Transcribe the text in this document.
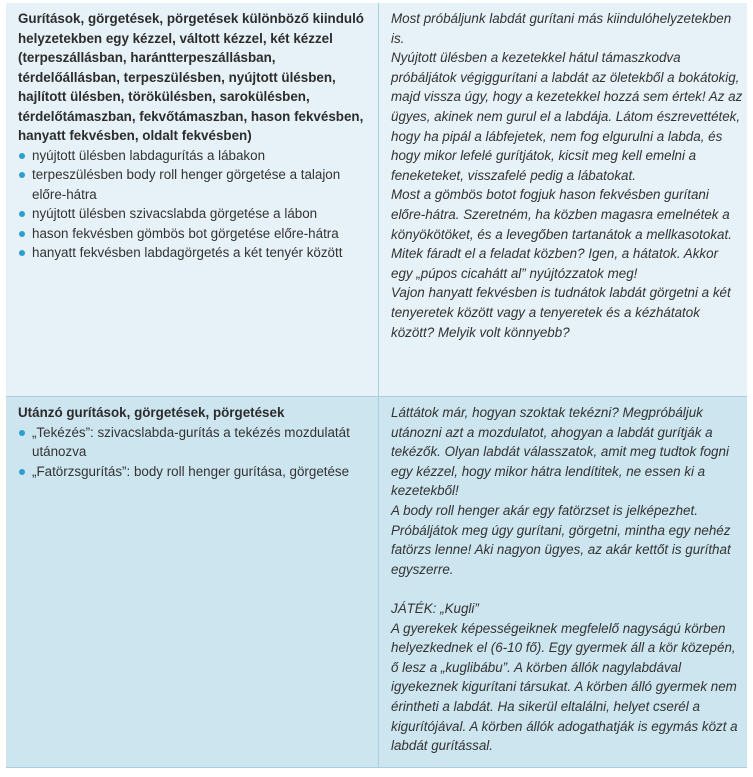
Gurítások, görgetések, pörgetések különböző kiinduló helyzetekben egy kézzel, váltott kézzel, két kézzel (terpeszállásban, harántterpeszállásban, térdelőállásban, terpeszülésben, nyújtott ülésben, hajlított ülésben, törökülésben, sarokülésben, térdelőtámaszban, fekvőtámaszban, hason fekvésben, hanyatt fekvésben, oldalt fekvésben)

nyújtott ülésben labdagurítás a lábakon
terpeszülésben body roll henger görgetése a talajon előre-hátra
nyújtott ülésben szivacslabda görgetése a lábon
hason fekvésben gömbös bot görgetése előre-hátra
hanyatt fekvésben labdagörgetés a két tenyér között

Most próbáljunk labdát gurítani más kiindulóhelyzetekben is.
Nyújtott ülésben a kezetekkel hátul támaszkodva próbáljátok végiggurítani a labdát az öletekből a bokátokig, majd vissza úgy, hogy a kezetekkel hozzá sem értek! Az az ügyes, akinek nem gurul el a labdája. Látom észrevettétek, hogy ha pipál a lábfejetek, nem fog elgurulni a labda, és hogy mikor lefelé gurítjátok, kicsit meg kell emelni a feneketeket, visszafelé pedig a lábatokat.
Most a gömbös botot fogjuk hason fekvésben gurítani előre-hátra. Szeretném, ha közben magasra emelnétek a könyökötöket, és a levegőben tartanátok a mellkasotokat. Mitek fáradt el a feladat közben? Igen, a hátatok. Akkor egy „púpos cicahátt al” nyújtózzatok meg!
Vajon hanyatt fekvésben is tudnátok labdát görgetni a két tenyeretek között vagy a tenyeretek és a kézhátatok között? Melyik volt könnyebb?

Utánzó gurítások, görgetések, pörgetések

„Tekézés”: szivacslabda-gurítás a tekézés mozdulatát utánozva
„Fatörzsgurítás”: body roll henger gurítása, görgetése

Láttátok már, hogyan szoktak tekézni? Megpróbáljuk utánozni azt a mozdulatot, ahogyan a labdát gurítják a tekézők. Olyan labdát válasszatok, amit meg tudtok fogni egy kézzel, hogy mikor hátra lendítitek, ne essen ki a kezetekből!
A body roll henger akár egy fatörzset is jelképezhet. Próbáljátok meg úgy gurítani, görgetni, mintha egy nehéz fatörzs lenne! Aki nagyon ügyes, az akár kettőt is guríthat egyszerre.

JÁTÉK: „Kugli”
A gyerekek képességeiknek megfelelő nagyságú körben helyezkednek el (6-10 fő). Egy gyermek áll a kör közepén, ő lesz a „kuglibábu”. A körben állók nagylabdával igyekeznek kigurítani társukat. A körben álló gyermek nem érintheti a labdát. Ha sikerül eltalálni, helyet cserél a kigurítójával. A körben állók adogathatják is egymás közt a labdát gurítással.
